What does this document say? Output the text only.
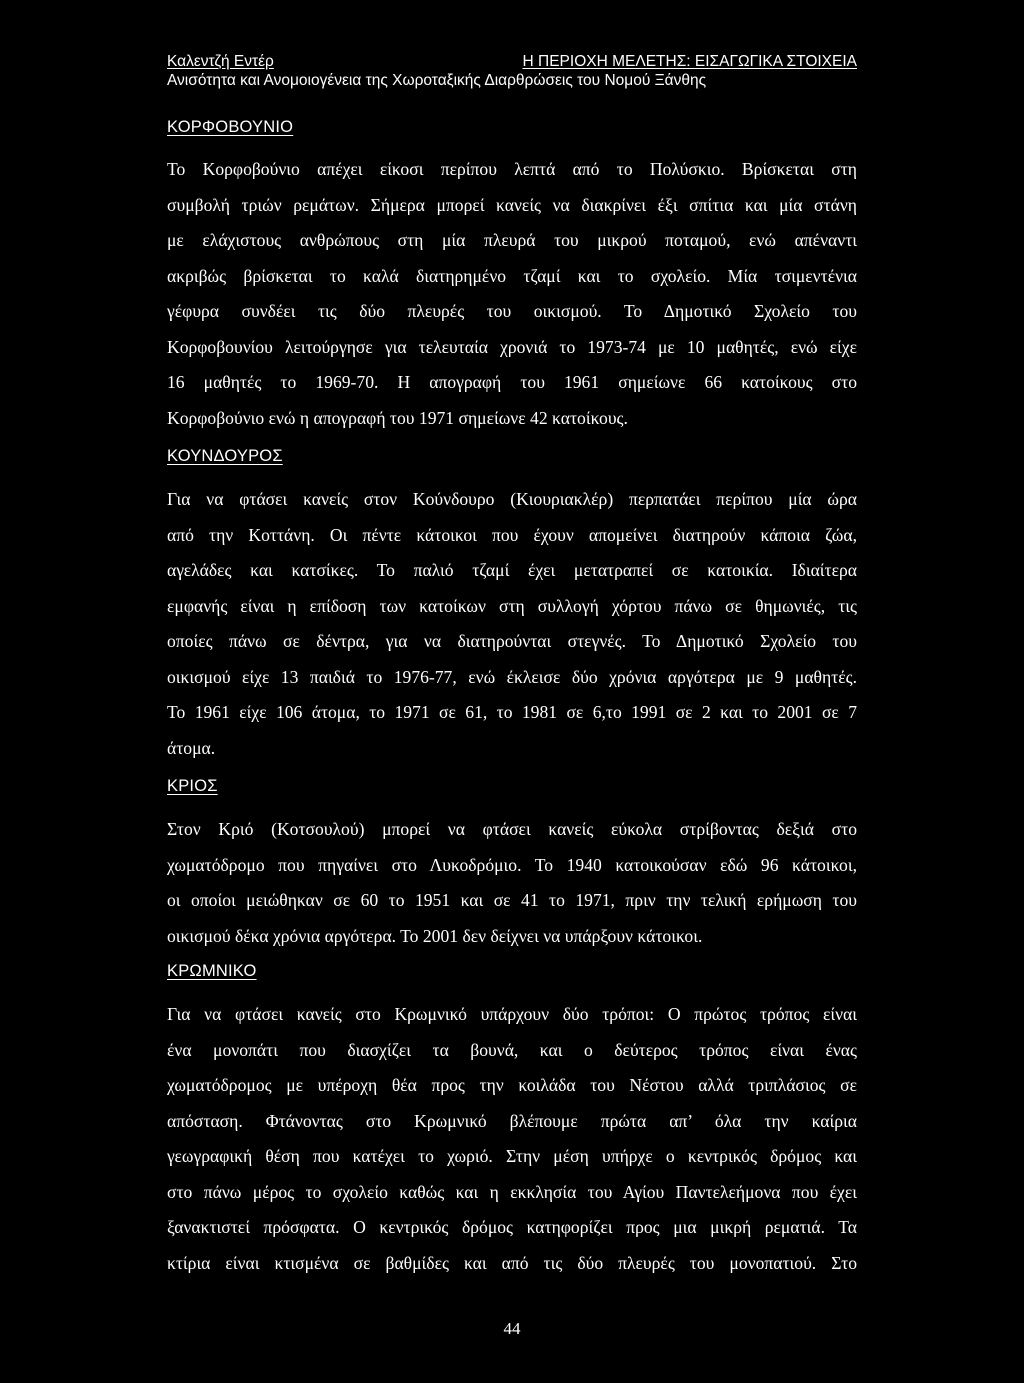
Καλεντζή Εντέρ	Η ΠΕΡΙΟΧΗ ΜΕΛΕΤΗΣ: ΕΙΣΑΓΩΓΙΚΑ ΣΤΟΙΧΕΙΑ
Ανισότητα και Ανομοιογένεια της Χωροταξικής Διαρθρώσεις του Νομού Ξάνθης
ΚΟΡΦΟΒΟΥΝΙΟ
Το Κορφοβούνιο απέχει είκοσι περίπου λεπτά από το Πολύσκιο. Βρίσκεται στη
συμβολή τριών ρεμάτων. Σήμερα μπορεί κανείς να διακρίνει έξι σπίτια και μία στάνη
με ελάχιστους ανθρώπους στη μία πλευρά του μικρού ποταμού, ενώ απέναντι
ακριβώς βρίσκεται το καλά διατηρημένο τζαμί και το σχολείο. Μία τσιμεντένια
γέφυρα συνδέει τις δύο πλευρές του οικισμού. Το Δημοτικό Σχολείο του
Κορφοβουνίου λειτούργησε για τελευταία χρονιά το 1973-74 με 10 μαθητές, ενώ είχε
16 μαθητές το 1969-70. Η απογραφή του 1961 σημείωνε 66 κατοίκους στο
Κορφοβούνιο ενώ η απογραφή του 1971 σημείωνε 42 κατοίκους.
ΚΟΥΝΔΟΥΡΟΣ
Για να φτάσει κανείς στον Κούνδουρο (Κιουριακλέρ) περπατάει περίπου μία ώρα
από την Κοττάνη. Οι πέντε κάτοικοι που έχουν απομείνει διατηρούν κάποια ζώα,
αγελάδες και κατσίκες. Το παλιό τζαμί έχει μετατραπεί σε κατοικία. Ιδιαίτερα
εμφανής είναι η επίδοση των κατοίκων στη συλλογή χόρτου πάνω σε θημωνιές, τις
οποίες πάνω σε δέντρα, για να διατηρούνται στεγνές. Το Δημοτικό Σχολείο του
οικισμού είχε 13 παιδιά το 1976-77, ενώ έκλεισε δύο χρόνια αργότερα με 9 μαθητές.
Το 1961 είχε 106 άτομα, το 1971 σε 61, το 1981 σε 6,το 1991 σε 2 και το 2001 σε 7
άτομα.
ΚΡΙΟΣ
Στον Κριό (Κοτσουλού) μπορεί να φτάσει κανείς εύκολα στρίβοντας δεξιά στο
χωματόδρομο που πηγαίνει στο Λυκοδρόμιο. Το 1940 κατοικούσαν εδώ 96 κάτοικοι,
οι οποίοι μειώθηκαν σε 60 το 1951 και σε 41 το 1971, πριν την τελική ερήμωση του
οικισμού δέκα χρόνια αργότερα. Το 2001 δεν δείχνει να υπάρξουν κάτοικοι.
ΚΡΩΜΝΙΚΟ
Για να φτάσει κανείς στο Κρωμνικό υπάρχουν δύο τρόποι: Ο πρώτος τρόπος είναι
ένα μονοπάτι που διασχίζει τα βουνά, και ο δεύτερος τρόπος είναι ένας
χωματόδρομος με υπέροχη θέα προς την κοιλάδα του Νέστου αλλά τριπλάσιος σε
απόσταση. Φτάνοντας στο Κρωμνικό βλέπουμε πρώτα απ’ όλα την καίρια
γεωγραφική θέση που κατέχει το χωριό. Στην μέση υπήρχε ο κεντρικός δρόμος και
στο πάνω μέρος το σχολείο καθώς και η εκκλησία του Αγίου Παντελεήμονα που έχει
ξανακτιστεί πρόσφατα. Ο κεντρικός δρόμος κατηφορίζει προς μια μικρή ρεματιά. Τα
κτίρια είναι κτισμένα σε βαθμίδες και από τις δύο πλευρές του μονοπατιού. Στο
44
